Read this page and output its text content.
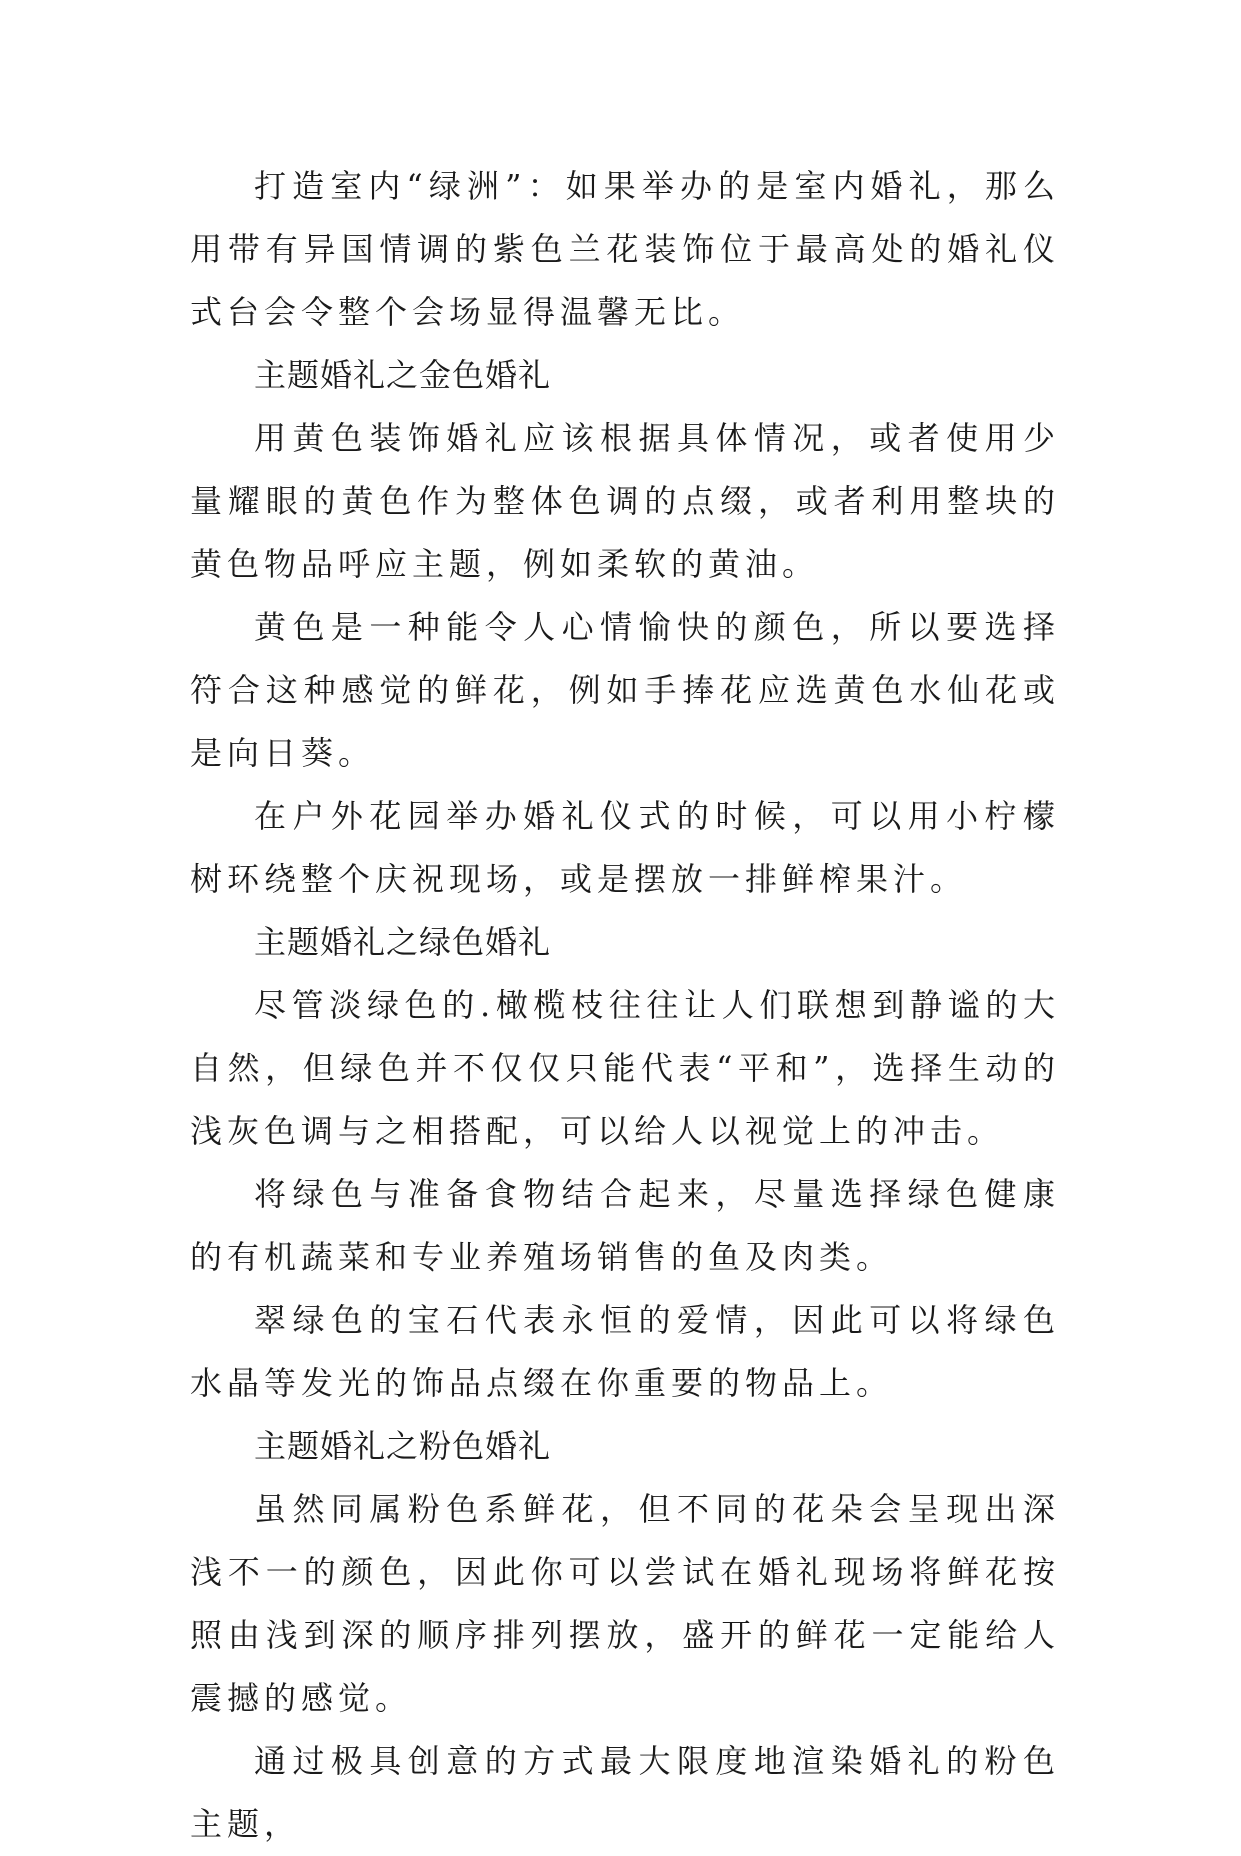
打造室内“绿洲”：如果举办的是室内婚礼，那么用带有异国情调的紫色兰花装饰位于最高处的婚礼仪式台会令整个会场显得温馨无比。

主题婚礼之金色婚礼

用黄色装饰婚礼应该根据具体情况，或者使用少量耀眼的黄色作为整体色调的点缀，或者利用整块的黄色物品呼应主题，例如柔软的黄油。

黄色是一种能令人心情愉快的颜色，所以要选择符合这种感觉的鲜花，例如手捧花应选黄色水仙花或是向日葵。

在户外花园举办婚礼仪式的时候，可以用小柠檬树环绕整个庆祝现场，或是摆放一排鲜榨果汁。

主题婚礼之绿色婚礼

尽管淡绿色的.橄榄枝往往让人们联想到静谧的大自然，但绿色并不仅仅只能代表“平和”，选择生动的浅灰色调与之相搭配，可以给人以视觉上的冲击。

将绿色与准备食物结合起来，尽量选择绿色健康的有机蔬菜和专业养殖场销售的鱼及肉类。

翠绿色的宝石代表永恒的爱情，因此可以将绿色水晶等发光的饰品点缀在你重要的物品上。

主题婚礼之粉色婚礼

虽然同属粉色系鲜花，但不同的花朵会呈现出深浅不一的颜色，因此你可以尝试在婚礼现场将鲜花按照由浅到深的顺序排列摆放，盛开的鲜花一定能给人震撼的感觉。

通过极具创意的方式最大限度地渲染婚礼的粉色主题，
